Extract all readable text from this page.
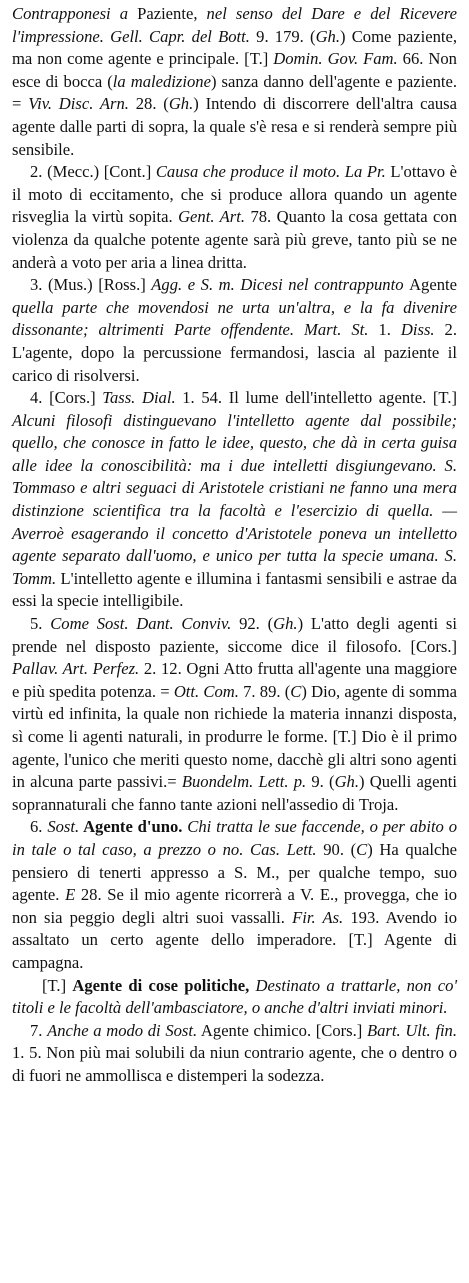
Contrapponesi a Paziente, nel senso del Dare e del Ricevere l'impressione. Gell. Capr. del Bott. 9. 179. (Gh.) Come paziente, ma non come agente e principale. [T.] Domin. Gov. Fam. 66. Non esce di bocca (la maledizione) sanza danno dell'agente e paziente. = Viv. Disc. Arn. 28. (Gh.) Intendo di discorrere dell'altra causa agente dalle parti di sopra, la quale s'è resa e si renderà sempre più sensibile.

2. (Mecc.) [Cont.] Causa che produce il moto. La Pr. L'ottavo è il moto di eccitamento, che si produce allora quando un agente risveglia la virtù sopita. Gent. Art. 78. Quanto la cosa gettata con violenza da qualche potente agente sarà più greve, tanto più se ne anderà a voto per aria a linea dritta.

3. (Mus.) [Ross.] Agg. e S. m. Dicesi nel contrappunto Agente quella parte che movendosi ne urta un'altra, e la fa divenire dissonante; altrimenti Parte offendente. Mart. St. 1. Diss. 2. L'agente, dopo la percussione fermandosi, lascia al paziente il carico di risolversi.

4. [Cors.] Tass. Dial. 1. 54. Il lume dell'intelletto agente. [T.] Alcuni filosofi distinguevano l'intelletto agente dal possibile; quello, che conosce in fatto le idee, questo, che dà in certa guisa alle idee la conoscibilità: ma i due intelletti disgiungevano. S. Tommaso e altri seguaci di Aristotele cristiani ne fanno una mera distinzione scientifica tra la facoltà e l'esercizio di quella. — Averroè esagerando il concetto d'Aristotele poneva un intelletto agente separato dall'uomo, e unico per tutta la specie umana. S. Tomm. L'intelletto agente e illumina i fantasmi sensibili e astrae da essi la specie intelligibile.

5. Come Sost. Dant. Conviv. 92. (Gh.) L'atto degli agenti si prende nel disposto paziente, siccome dice il filosofo. [Cors.] Pallav. Art. Perfez. 2. 12. Ogni Atto frutta all'agente una maggiore e più spedita potenza. = Ott. Com. 7. 89. (C) Dio, agente di somma virtù ed infinita, la quale non richiede la materia innanzi disposta, sì come li agenti naturali, in produrre le forme. [T.] Dio è il primo agente, l'unico che meriti questo nome, dacchè gli altri sono agenti in alcuna parte passivi.= Buondelm. Lett. p. 9. (Gh.) Quelli agenti soprannaturali che fanno tante azioni nell'assedio di Troja.

6. Sost. Agente d'uno. Chi tratta le sue faccende, o per abito o in tale o tal caso, a prezzo o no. Cas. Lett. 90. (C) Ha qualche pensiero di tenerti appresso a S. M., per qualche tempo, suo agente. E 28. Se il mio agente ricorrerà a V. E., provegga, che io non sia peggio degli altri suoi vassalli. Fir. As. 193. Avendo io assaltato un certo agente dello imperadore. [T.] Agente di campagna.

[T.] Agente di cose politiche, Destinato a trattarle, non co' titoli e le facoltà dell'ambasciatore, o anche d'altri inviati minori.

7. Anche a modo di Sost. Agente chimico. [Cors.] Bart. Ult. fin. 1. 5. Non più mai solubili da niun contrario agente, che o dentro o di fuori ne ammollisca e distemperi la sodezza.
